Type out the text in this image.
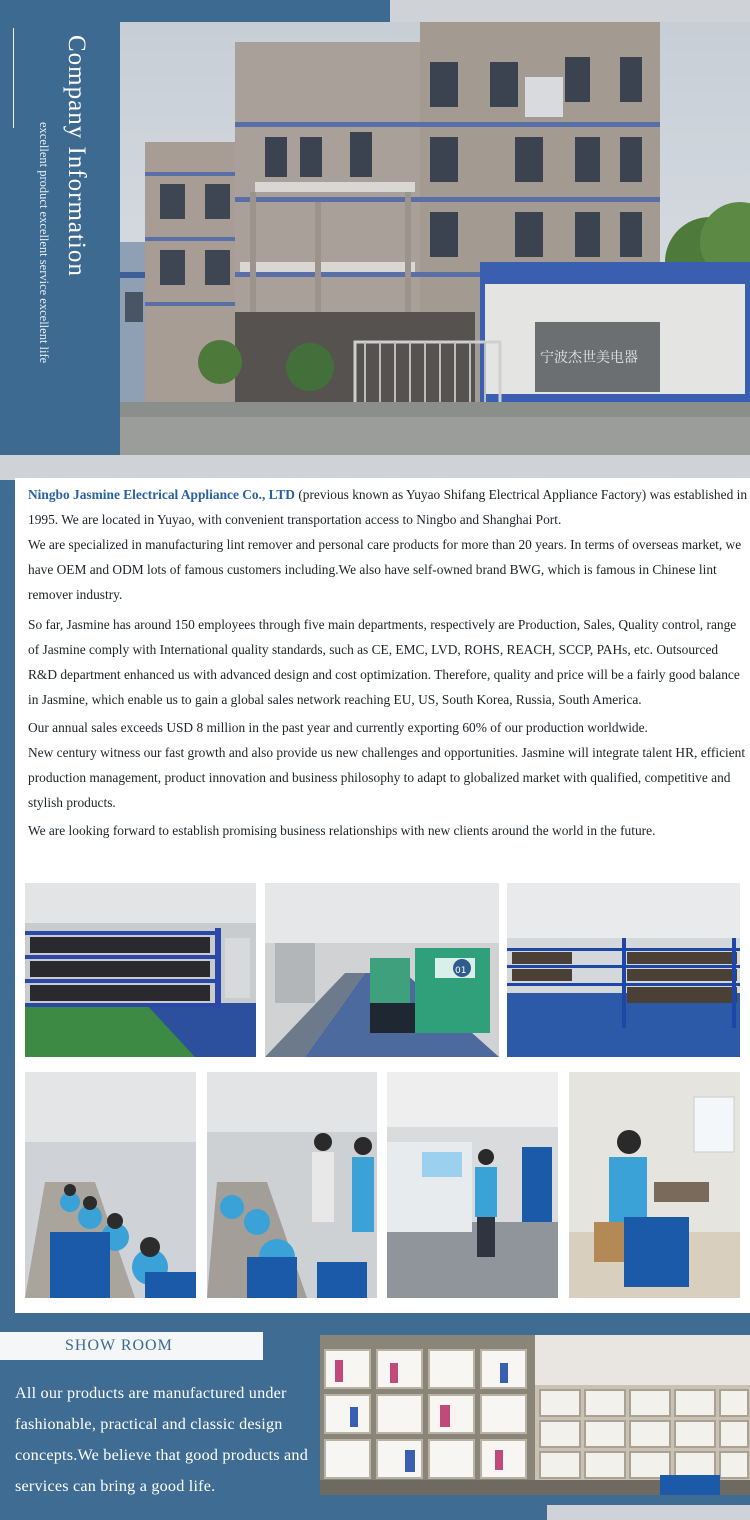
Company Information
excellent product excellent service excellent life	宁波杰世美电器

Ningbo Jasmine Electrical Appliance Co., LTD (previous known as Yuyao Shifang Electrical Appliance Factory) was established in 1995. We are located in Yuyao, with convenient transportation access to Ningbo and Shanghai Port.

We are specialized in manufacturing lint remover and personal care products for more than 20 years. In terms of overseas market, we have OEM and ODM lots of famous customers including.We also have self-owned brand BWG, which is famous in Chinese lint remover industry.

So far, Jasmine has around 150 employees through five main departments, respectively are Production, Sales, Quality control, range of Jasmine comply with International quality standards, such as CE, EMC, LVD, ROHS, REACH, SCCP, PAHs, etc. Outsourced R&D department enhanced us with advanced design and cost optimization. Therefore, quality and price will be a fairly good balance in Jasmine, which enable us to gain a global sales network reaching EU, US, South Korea, Russia, South America.

Our annual sales exceeds USD 8 million in the past year and currently exporting 60% of our production worldwide.

New century witness our fast growth and also provide us new challenges and opportunities. Jasmine will integrate talent HR, efficient production management, product innovation and business philosophy to adapt to globalized market with qualified, competitive and stylish products.

We are looking forward to establish promising business relationships with new clients around the world in the future.

01
SHOW ROOM
All our products are manufactured under fashionable, practical and classic design concepts.We believe that good products and services can bring a good life.
